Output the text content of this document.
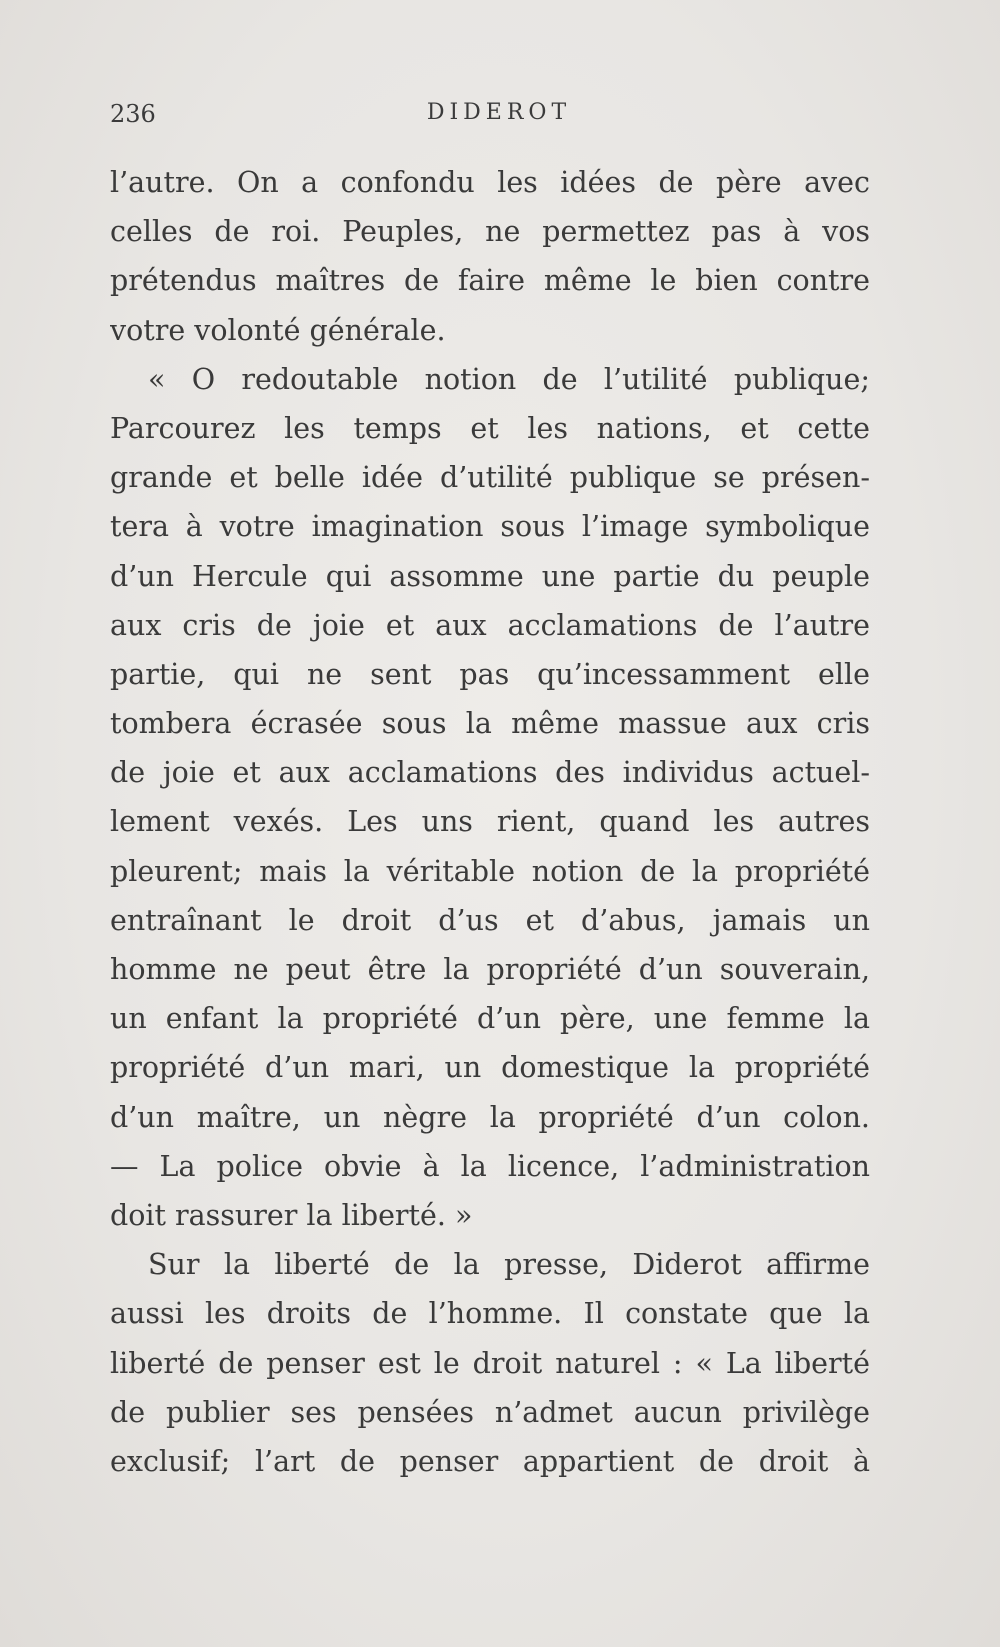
236	DIDEROT
l’autre. On a confondu les idées de père avec
celles de roi. Peuples, ne permettez pas à vos
prétendus maîtres de faire même le bien contre
votre volonté générale.
« O redoutable notion de l’utilité publique;
Parcourez les temps et les nations, et cette
grande et belle idée d’utilité publique se présen-
tera à votre imagination sous l’image symbolique
d’un Hercule qui assomme une partie du peuple
aux cris de joie et aux acclamations de l’autre
partie, qui ne sent pas qu’incessamment elle
tombera écrasée sous la même massue aux cris
de joie et aux acclamations des individus actuel-
lement vexés. Les uns rient, quand les autres
pleurent; mais la véritable notion de la propriété
entraînant le droit d’us et d’abus, jamais un
homme ne peut être la propriété d’un souverain,
un enfant la propriété d’un père, une femme la
propriété d’un mari, un domestique la propriété
d’un maître, un nègre la propriété d’un colon.
— La police obvie à la licence, l’administration
doit rassurer la liberté. »
Sur la liberté de la presse, Diderot affirme
aussi les droits de l’homme. Il constate que la
liberté de penser est le droit naturel : « La liberté
de publier ses pensées n’admet aucun privilège
exclusif; l’art de penser appartient de droit à
